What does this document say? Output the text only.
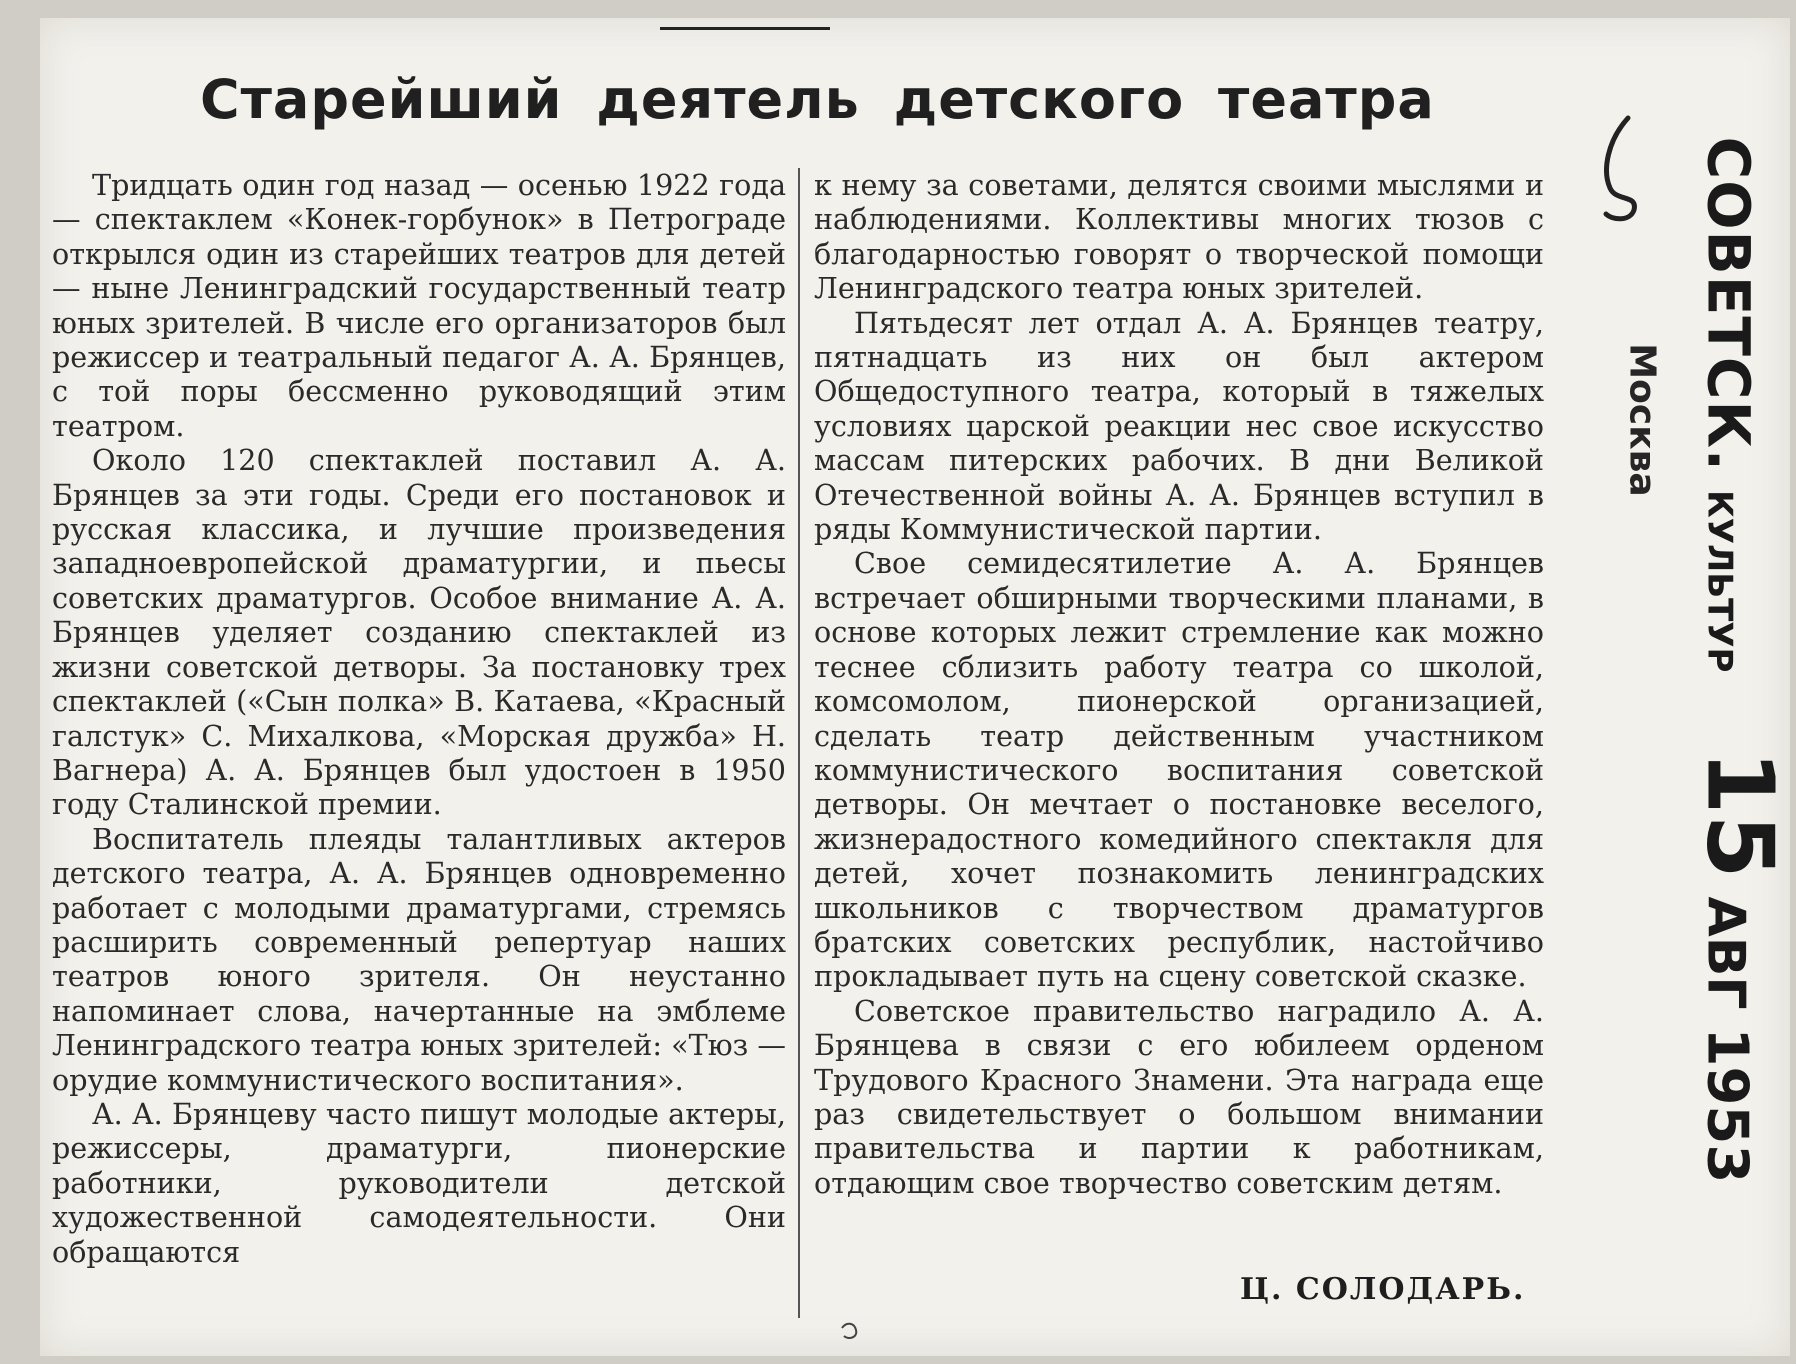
Старейший деятель детского театра

Тридцать один год назад — осенью 1922 года — спектаклем «Конек-горбунок» в Петрограде открылся один из старейших театров для детей — ныне Ленинградский государственный театр юных зрителей. В числе его организаторов был режиссер и театральный педагог А. А. Брянцев, с той поры бессменно руководящий этим театром.

Около 120 спектаклей поставил А. А. Брянцев за эти годы. Среди его постановок и русская классика, и лучшие произведения западноевропейской драматургии, и пьесы советских драматургов. Особое внимание А. А. Брянцев уделяет созданию спектаклей из жизни советской детворы. За постановку трех спектаклей («Сын полка» В. Катаева, «Красный галстук» С. Михалкова, «Морская дружба» Н. Вагнера) А. А. Брянцев был удостоен в 1950 году Сталинской премии.

Воспитатель плеяды талантливых актеров детского театра, А. А. Брянцев одновременно работает с молодыми драматургами, стремясь расширить современный репертуар наших театров юного зрителя. Он неустанно напоминает слова, начертанные на эмблеме Ленинградского театра юных зрителей: «Тюз — орудие коммунистического воспитания».

А. А. Брянцеву часто пишут молодые актеры, режиссеры, драматурги, пионерские работники, руководители детской художественной самодеятельности. Они обращаются

к нему за советами, делятся своими мыслями и наблюдениями. Коллективы многих тюзов с благодарностью говорят о творческой помощи Ленинградского театра юных зрителей.

Пятьдесят лет отдал А. А. Брянцев театру, пятнадцать из них он был актером Общедоступного театра, который в тяжелых условиях царской реакции нес свое искусство массам питерских рабочих. В дни Великой Отечественной войны А. А. Брянцев вступил в ряды Коммунистической партии.

Свое семидесятилетие А. А. Брянцев встречает обширными творческими планами, в основе которых лежит стремление как можно теснее сблизить работу театра со школой, комсомолом, пионерской организацией, сделать театр действенным участником коммунистического воспитания советской детворы. Он мечтает о постановке веселого, жизнерадостного комедийного спектакля для детей, хочет познакомить ленинградских школьников с творчеством драматургов братских советских республик, настойчиво прокладывает путь на сцену советской сказке.

Советское правительство наградило А. А. Брянцева в связи с его юбилеем орденом Трудового Красного Знамени. Эта награда еще раз свидетельствует о большом внимании правительства и партии к работникам, отдающим свое творчество советским детям.

Ц. СОЛОДАРЬ.
СОВЕТСК.
КУЛЬТУР
15
АВГ
1953
Москва
